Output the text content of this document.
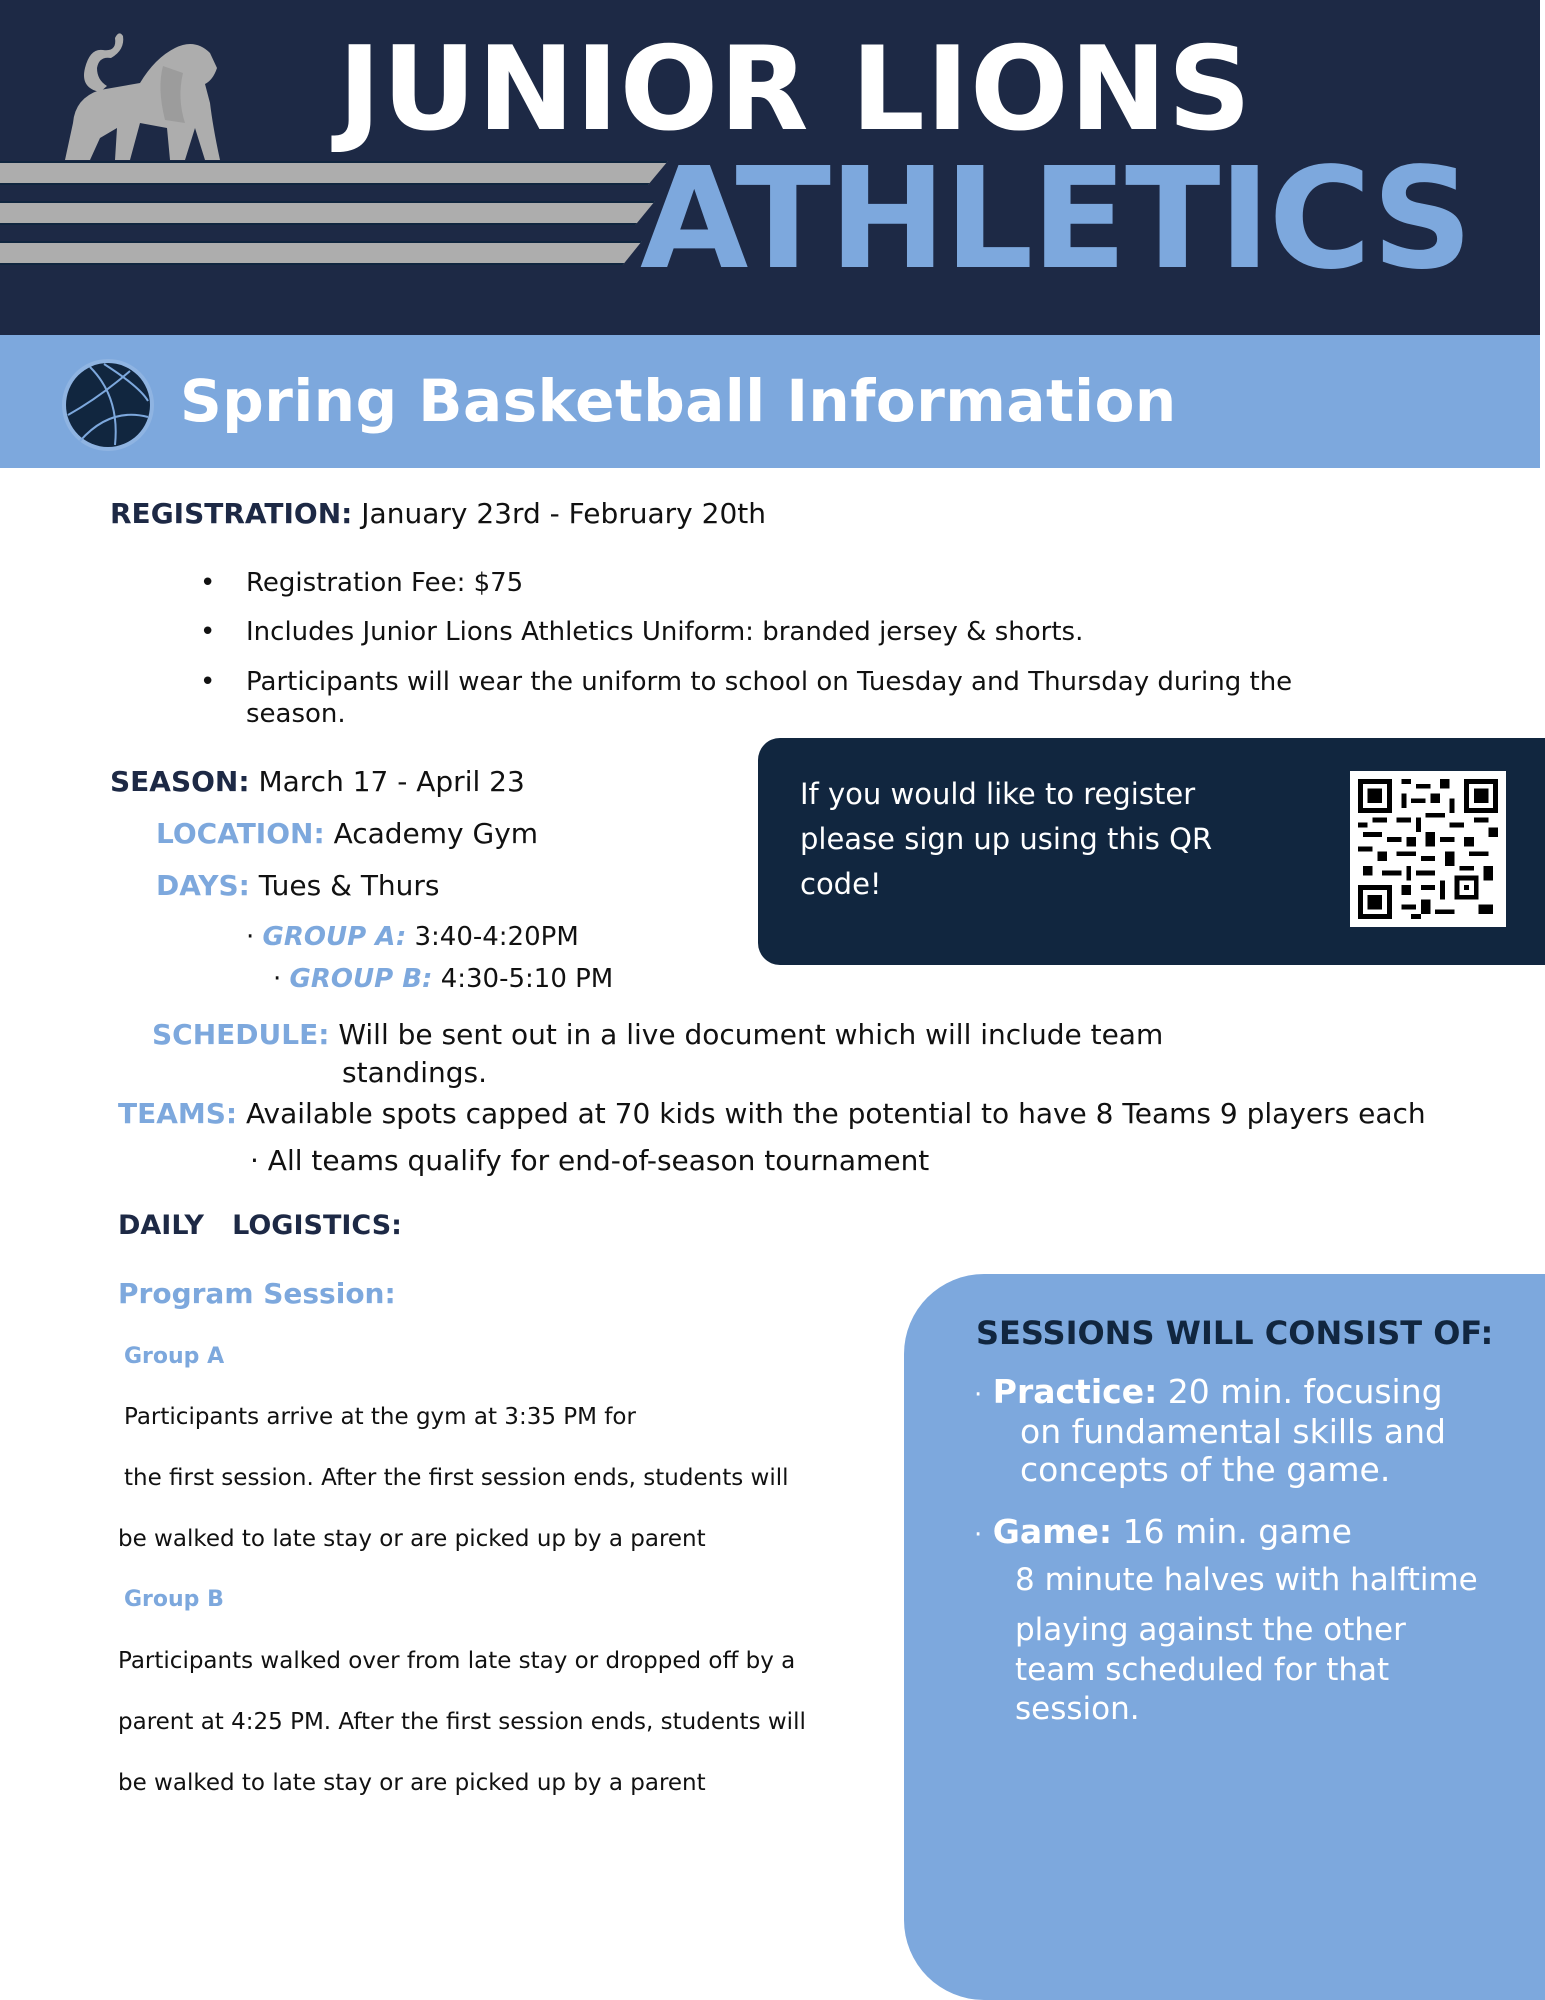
JUNIOR LIONS
ATHLETICS
Spring Basketball Information
REGISTRATION: January 23rd - February 20th
• Registration Fee: $75
• Includes Junior Lions Athletics Uniform: branded jersey & shorts.
• Participants will wear the uniform to school on Tuesday and Thursday during the
season.
SEASON: March 17 - April 23
LOCATION: Academy Gym
DAYS: Tues & Thurs
· GROUP A: 3:40-4:20PM
· GROUP B: 4:30-5:10 PM
If you would like to register please sign up using this QR code!
SCHEDULE: Will be sent out in a live document which will include team
standings.
TEAMS: Available spots capped at 70 kids with the potential to have 8 Teams 9 players each
· All teams qualify for end-of-season tournament
DAILY   LOGISTICS:
Program Session:
Group A
Participants arrive at the gym at 3:35 PM for
the first session. After the first session ends, students will
be walked to late stay or are picked up by a parent
Group B
Participants walked over from late stay or dropped off by a
parent at 4:25 PM. After the first session ends, students will
be walked to late stay or are picked up by a parent
SESSIONS WILL CONSIST OF:
· Practice: 20 min. focusing
on fundamental skills and
concepts of the game.
· Game: 16 min. game
8 minute halves with halftime
playing against the other
team scheduled for that
session.
